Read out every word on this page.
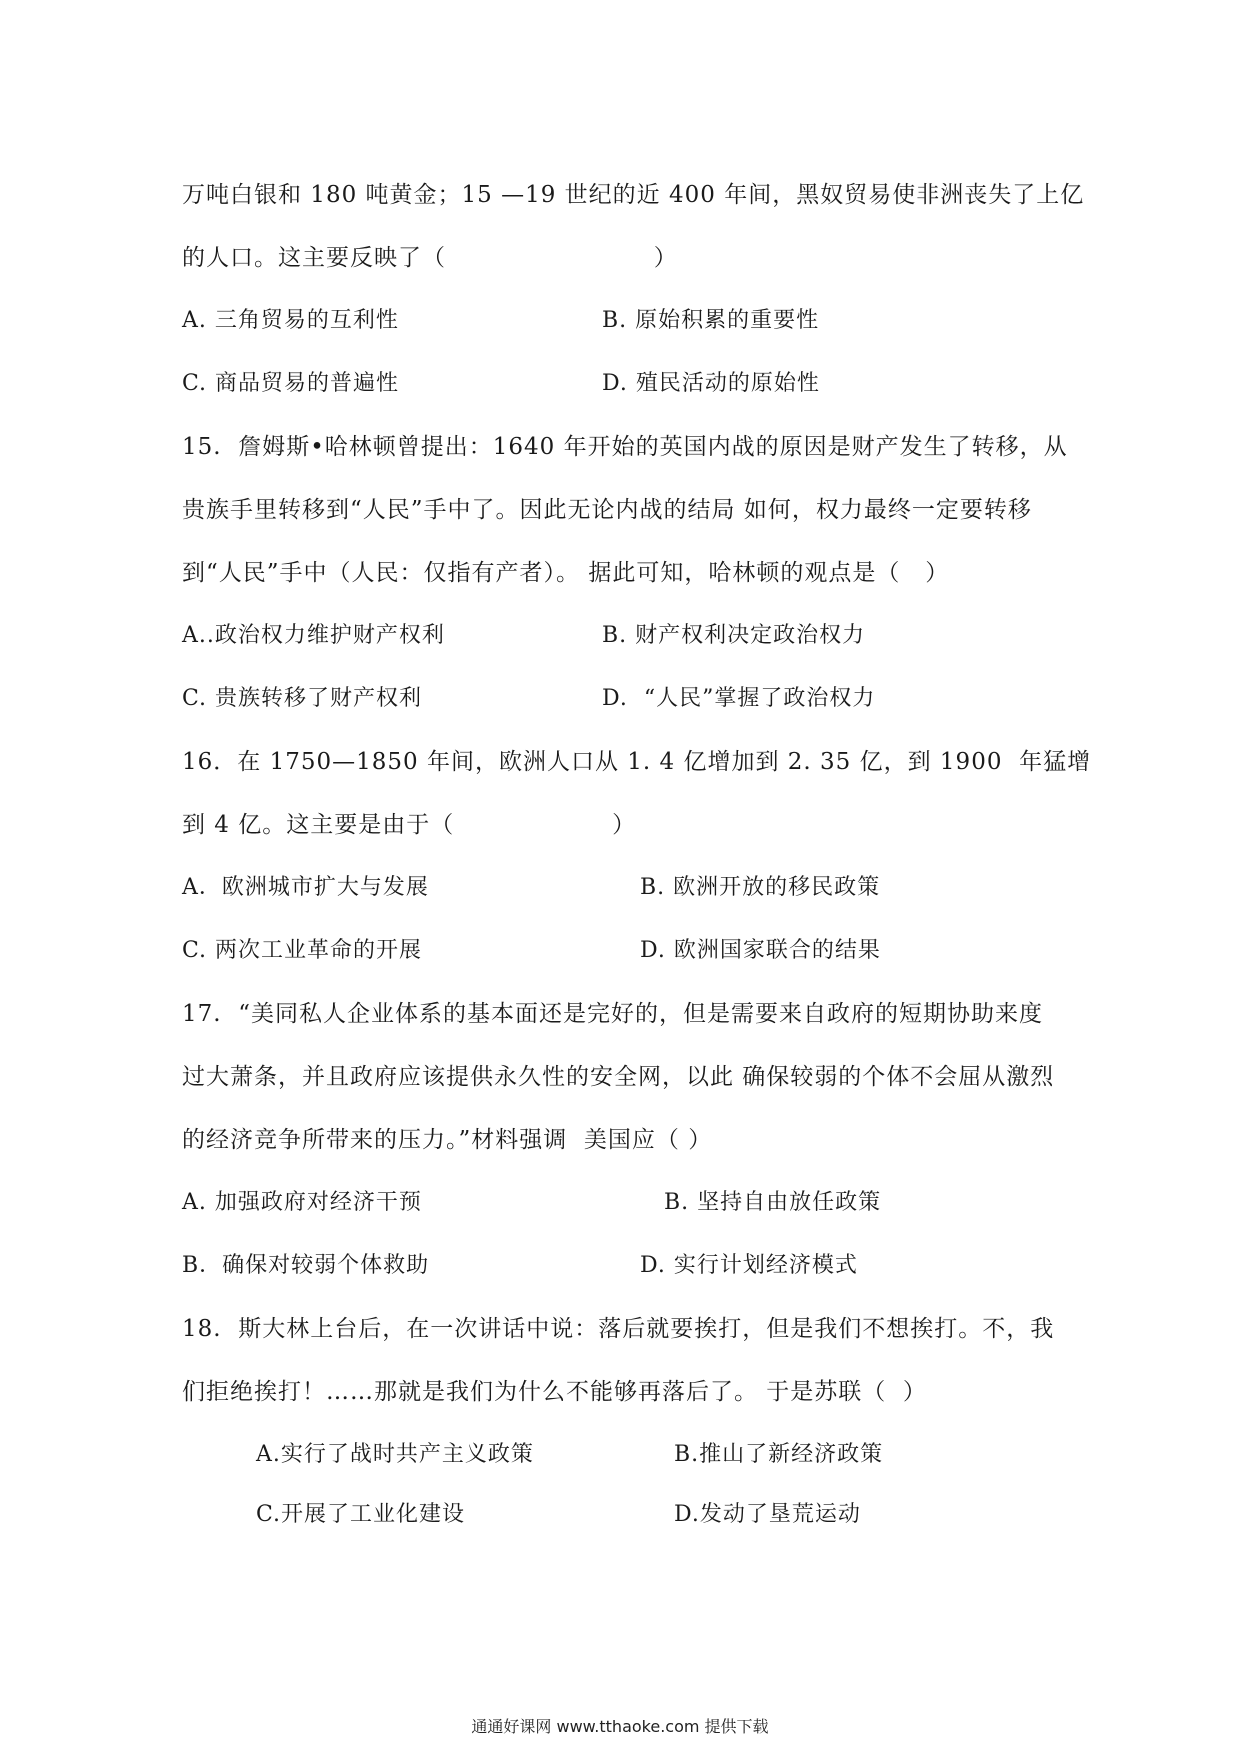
万吨白银和 180 吨黄金；15 —19 世纪的近 400 年间，黑奴贸易使非洲丧失了上亿
的人口。这主要反映了（                         ）
A. 三角贸易的互利性	B. 原始积累的重要性
C. 商品贸易的普遍性	D. 殖民活动的原始性
15.  詹姆斯•哈林顿曾提出：1640 年开始的英国内战的原因是财产发生了转移，从
贵族手里转移到“人民”手中了。因此无论内战的结局 如何，权力最终一定要转移
到“人民”手中（人民：仅指有产者）。 据此可知，哈林顿的观点是（   ）
A..政治权力维护财产权利	B. 财产权利决定政治权力
C. 贵族转移了财产权利	D.  “人民”掌握了政治权力
16．在 1750—1850 年间，欧洲人口从 1. 4 亿增加到 2. 35 亿，到 1900  年猛增
到 4 亿。这主要是由于（                   ）
A．欧洲城市扩大与发展	B. 欧洲开放的移民政策
C. 两次工业革命的开展	D. 欧洲国家联合的结果
17.  “美同私人企业体系的基本面还是完好的，但是需要来自政府的短期协助来度
过大萧条，并且政府应该提供永久性的安全网，以此 确保较弱的个体不会屈从激烈
的经济竞争所带来的压力。”材料强调  美国应（ ）
A. 加强政府对经济干预	B. 坚持自由放任政策
B．确保对较弱个体救助	D. 实行计划经济模式
18.  斯大林上台后，在一次讲话中说：落后就要挨打，但是我们不想挨打。不，我
们拒绝挨打！……那就是我们为什么不能够再落后了。 于是苏联（  ）
A.实行了战时共产主义政策	B.推山了新经济政策
C.开展了工业化建设	D.发动了垦荒运动
通通好课网 www.tthaoke.com 提供下载
